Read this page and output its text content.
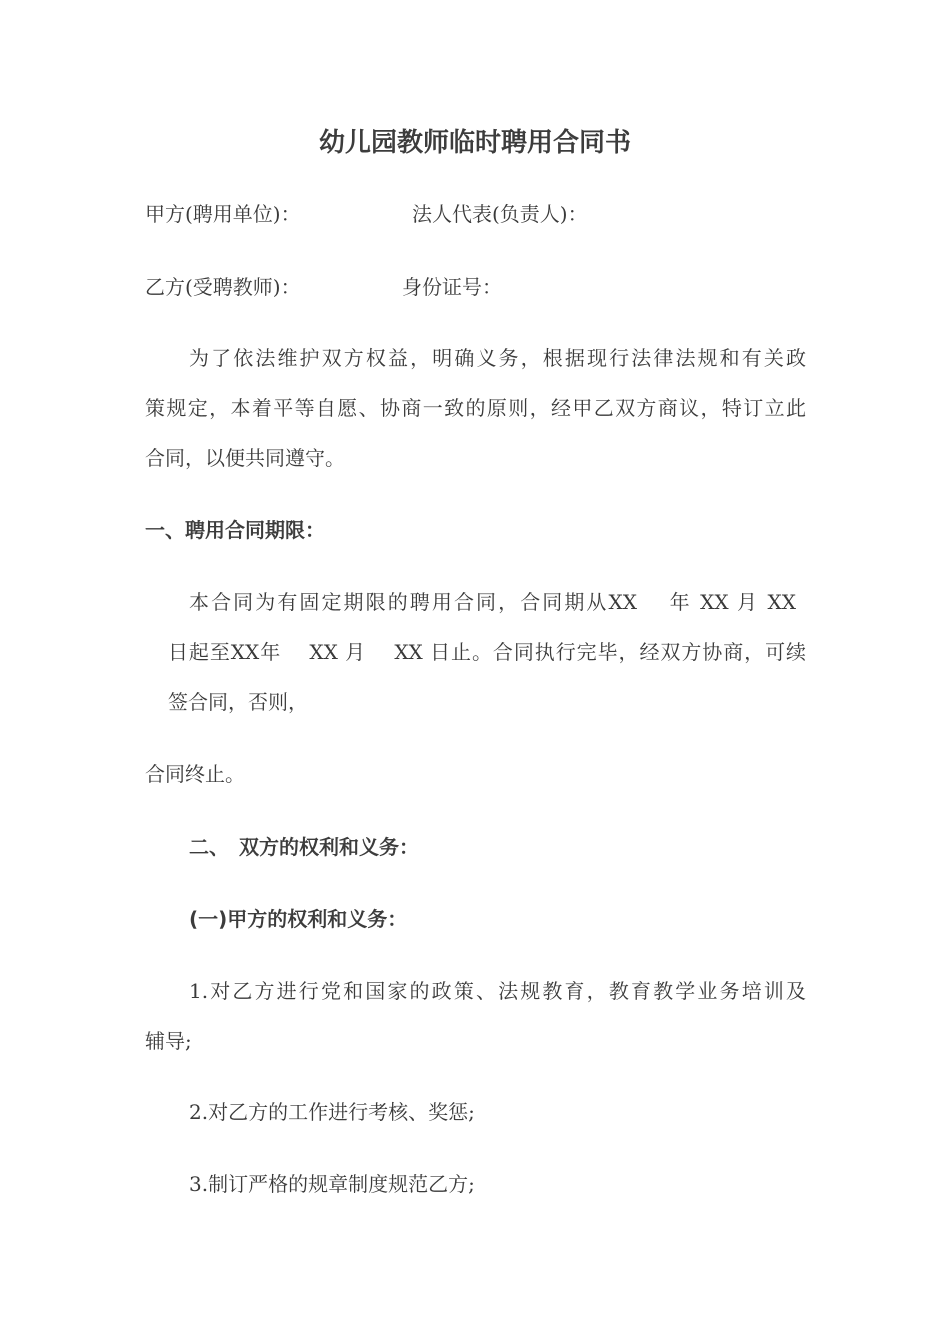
幼儿园教师临时聘用合同书
甲方(聘用单位)：	法人代表(负责人)：
乙方(受聘教师)：	身份证号：
为了依法维护双方权益，明确义务，根据现行法律法规和有关政
策规定，本着平等自愿、协商一致的原则，经甲乙双方商议，特订立此
合同，以便共同遵守。
一、聘用合同期限：
本合同为有固定期限的聘用合同，合同期从XX　 年 XX 月 XX
日起至XX年　 XX 月　 XX 日止。合同执行完毕，经双方协商，可续
签合同，否则，
合同终止。
二、　双方的权利和义务：
(一)甲方的权利和义务：
1.对乙方进行党和国家的政策、法规教育，教育教学业务培训及
辅导;
2.对乙方的工作进行考核、奖惩;
3.制订严格的规章制度规范乙方;
